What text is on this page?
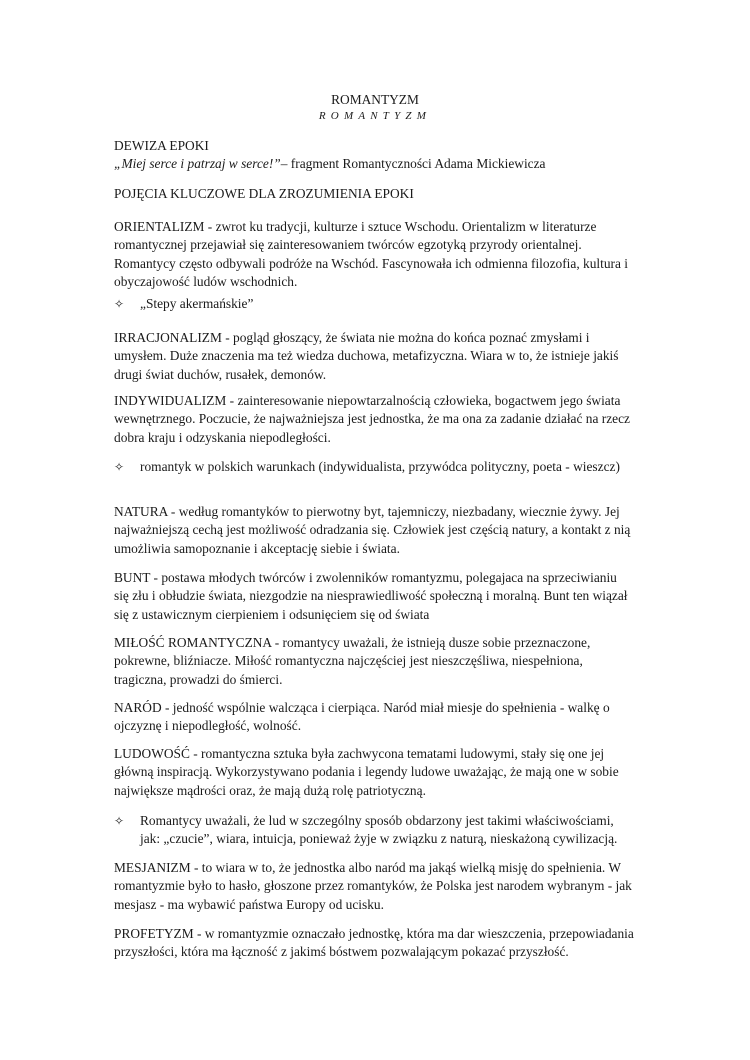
ROMANTYZM
ROMANTYZM

DEWIZA EPOKI

„Miej serce i patrzaj w serce!”– fragment Romantyczności Adama Mickiewicza

POJĘCIA KLUCZOWE DLA ZROZUMIENIA EPOKI

ORIENTALIZM - zwrot ku tradycji, kulturze i sztuce Wschodu. Orientalizm w literaturze romantycznej przejawiał się zainteresowaniem twórców egzotyką przyrody orientalnej. Romantycy często odbywali podróże na Wschód. Fascynowała ich odmienna filozofia, kultura i obyczajowość ludów wschodnich.

✧ „Stepy akermańskie”

IRRACJONALIZM - pogląd głoszący, że świata nie można do końca poznać zmysłami i umysłem. Duże znaczenia ma też wiedza duchowa, metafizyczna. Wiara w to, że istnieje jakiś drugi świat duchów, rusałek, demonów.

INDYWIDUALIZM - zainteresowanie niepowtarzalnością człowieka, bogactwem jego świata wewnętrznego. Poczucie, że najważniejsza jest jednostka, że ma ona za zadanie działać na rzecz dobra kraju i odzyskania niepodległości.

✧ romantyk w polskich warunkach (indywidualista, przywódca polityczny, poeta - wieszcz)

NATURA - według romantyków to pierwotny byt, tajemniczy, niezbadany, wiecznie żywy. Jej najważniejszą cechą jest możliwość odradzania się. Człowiek jest częścią natury, a kontakt z nią umożliwia samopoznanie i akceptację siebie i świata.

BUNT - postawa młodych twórców i zwolenników romantyzmu, polegajaca na sprzeciwianiu się złu i obłudzie świata, niezgodzie na niesprawiedliwość społeczną i moralną. Bunt ten wiązał się z ustawicznym cierpieniem i odsunięciem się od świata

MIŁOŚĆ ROMANTYCZNA - romantycy uważali, że istnieją dusze sobie przeznaczone, pokrewne, bliźniacze. Miłość romantyczna najczęściej jest nieszczęśliwa, niespełniona, tragiczna, prowadzi do śmierci.

NARÓD - jedność wspólnie walcząca i cierpiąca. Naród miał miesje do spełnienia - walkę o ojczyznę i niepodległość, wolność.

LUDOWOŚĆ - romantyczna sztuka była zachwycona tematami ludowymi, stały się one jej główną inspiracją. Wykorzystywano podania i legendy ludowe uważając, że mają one w sobie największe mądrości oraz, że mają dużą rolę patriotyczną.

✧ Romantycy uważali, że lud w szczególny sposób obdarzony jest takimi właściwościami, jak: „czucie”, wiara, intuicja, ponieważ żyje w związku z naturą, nieskażoną cywilizacją.

MESJANIZM - to wiara w to, że jednostka albo naród ma jakąś wielką misję do spełnienia. W romantyzmie było to hasło, głoszone przez romantyków, że Polska jest narodem wybranym - jak mesjasz - ma wybawić państwa Europy od ucisku.

PROFETYZM - w romantyzmie oznaczało jednostkę, która ma dar wieszczenia, przepowiadania przyszłości, która ma łączność z jakimś bóstwem pozwalającym pokazać przyszłość.
